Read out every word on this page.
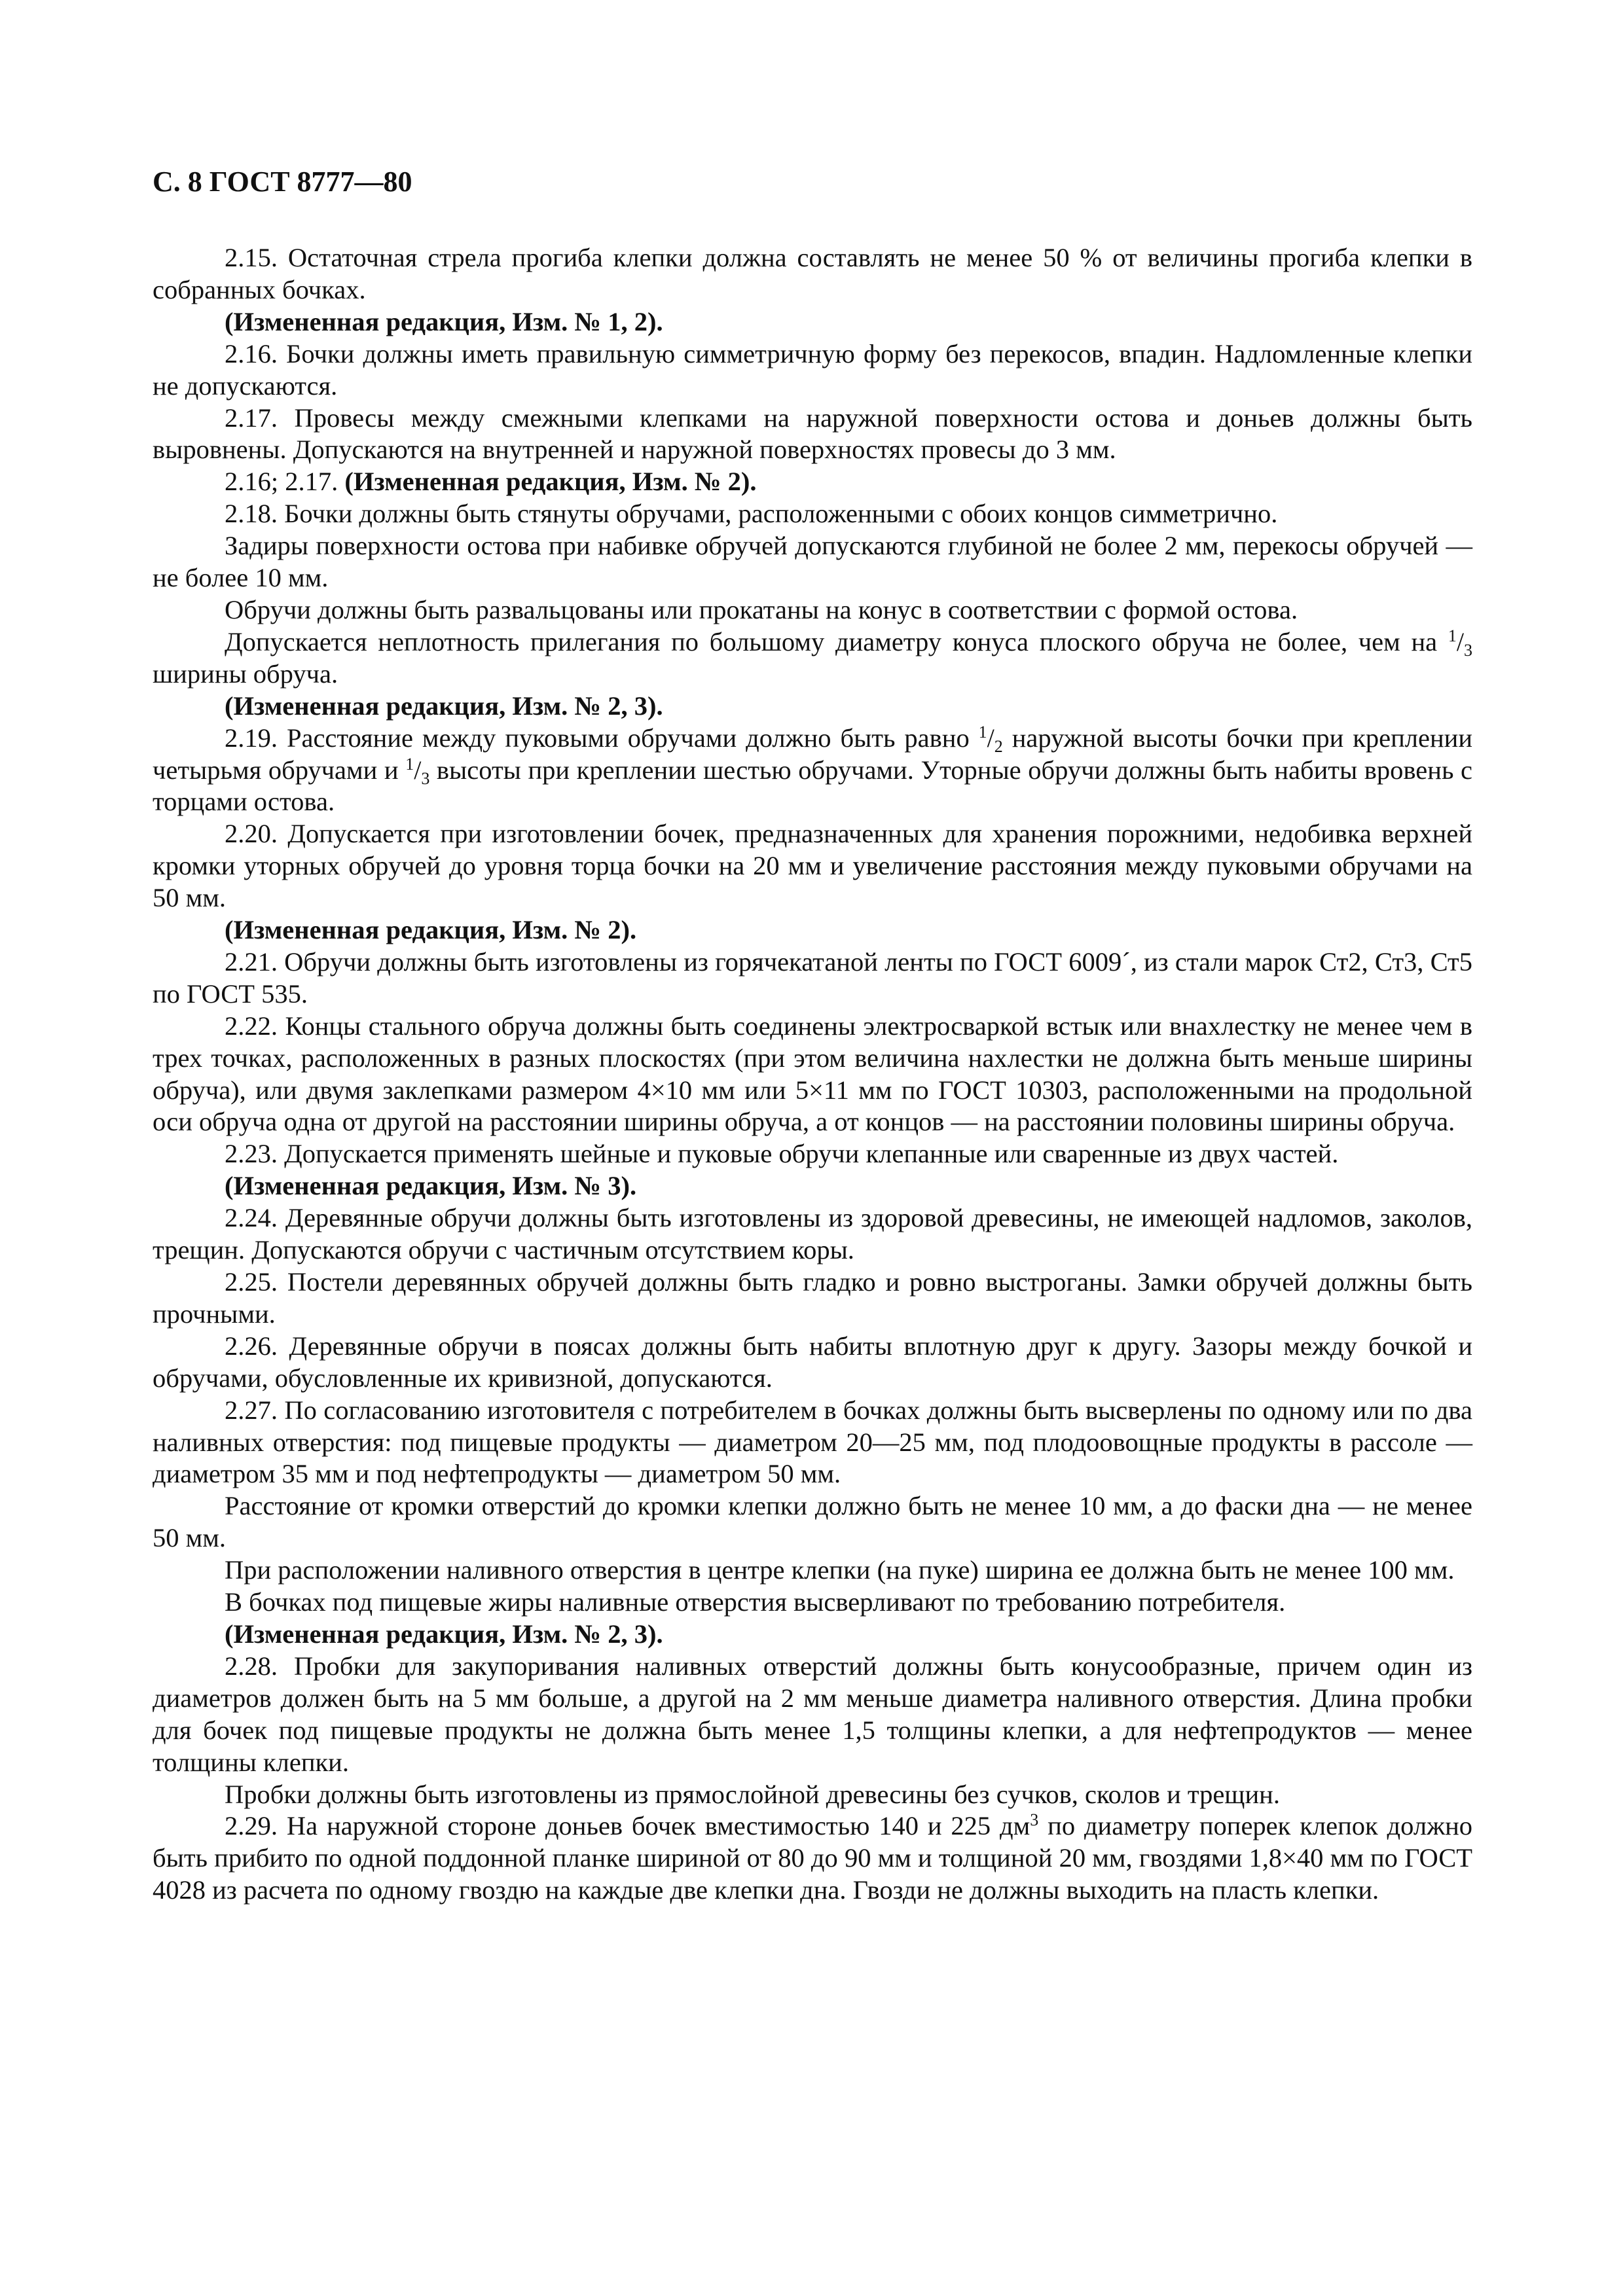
С. 8 ГОСТ 8777—80

2.15. Остаточная стрела прогиба клепки должна составлять не менее 50 % от величины прогиба клепки в собранных бочках.

(Измененная редакция, Изм. № 1, 2).

2.16. Бочки должны иметь правильную симметричную форму без перекосов, впадин. Надломленные клепки не допускаются.

2.17. Провесы между смежными клепками на наружной поверхности остова и доньев должны быть выровнены. Допускаются на внутренней и наружной поверхностях провесы до 3 мм.

2.16; 2.17. (Измененная редакция, Изм. № 2).

2.18. Бочки должны быть стянуты обручами, расположенными с обоих концов симметрично.

Задиры поверхности остова при набивке обручей допускаются глубиной не более 2 мм, перекосы обручей — не более 10 мм.

Обручи должны быть развальцованы или прокатаны на конус в соответствии с формой остова.

Допускается неплотность прилегания по большому диаметру конуса плоского обруча не более, чем на $^1/_3$ ширины обруча.

(Измененная редакция, Изм. № 2, 3).

2.19. Расстояние между пуковыми обручами должно быть равно $^1/_2$ наружной высоты бочки при креплении четырьмя обручами и $^1/_3$ высоты при креплении шестью обручами. Уторные обручи должны быть набиты вровень с торцами остова.

2.20. Допускается при изготовлении бочек, предназначенных для хранения порожними, недобивка верхней кромки уторных обручей до уровня торца бочки на 20 мм и увеличение расстояния между пуковыми обручами на 50 мм.

(Измененная редакция, Изм. № 2).

2.21. Обручи должны быть изготовлены из горячекатаной ленты по ГОСТ 6009´, из стали марок Ст2, Ст3, Ст5 по ГОСТ 535.

2.22. Концы стального обруча должны быть соединены электросваркой встык или внахлестку не менее чем в трех точках, расположенных в разных плоскостях (при этом величина нахлестки не должна быть меньше ширины обруча), или двумя заклепками размером 4×10 мм или 5×11 мм по ГОСТ 10303, расположенными на продольной оси обруча одна от другой на расстоянии ширины обруча, а от концов — на расстоянии половины ширины обруча.

2.23. Допускается применять шейные и пуковые обручи клепанные или сваренные из двух частей.

(Измененная редакция, Изм. № 3).

2.24. Деревянные обручи должны быть изготовлены из здоровой древесины, не имеющей надломов, заколов, трещин. Допускаются обручи с частичным отсутствием коры.

2.25. Постели деревянных обручей должны быть гладко и ровно выстроганы. Замки обручей должны быть прочными.

2.26. Деревянные обручи в поясах должны быть набиты вплотную друг к другу. Зазоры между бочкой и обручами, обусловленные их кривизной, допускаются.

2.27. По согласованию изготовителя с потребителем в бочках должны быть высверлены по одному или по два наливных отверстия: под пищевые продукты — диаметром 20—25 мм, под плодоовощные продукты в рассоле — диаметром 35 мм и под нефтепродукты — диаметром 50 мм.

Расстояние от кромки отверстий до кромки клепки должно быть не менее 10 мм, а до фаски дна — не менее 50 мм.

При расположении наливного отверстия в центре клепки (на пуке) ширина ее должна быть не менее 100 мм.

В бочках под пищевые жиры наливные отверстия высверливают по требованию потребителя.

(Измененная редакция, Изм. № 2, 3).

2.28. Пробки для закупоривания наливных отверстий должны быть конусообразные, причем один из диаметров должен быть на 5 мм больше, а другой на 2 мм меньше диаметра наливного отверстия. Длина пробки для бочек под пищевые продукты не должна быть менее 1,5 толщины клепки, а для нефтепродуктов — менее толщины клепки.

Пробки должны быть изготовлены из прямослойной древесины без сучков, сколов и трещин.

2.29. На наружной стороне доньев бочек вместимостью 140 и 225 $дм^3$ по диаметру поперек клепок должно быть прибито по одной поддонной планке шириной от 80 до 90 мм и толщиной 20 мм, гвоздями 1,8×40 мм по ГОСТ 4028 из расчета по одному гвоздю на каждые две клепки дна. Гвозди не должны выходить на пласть клепки.
